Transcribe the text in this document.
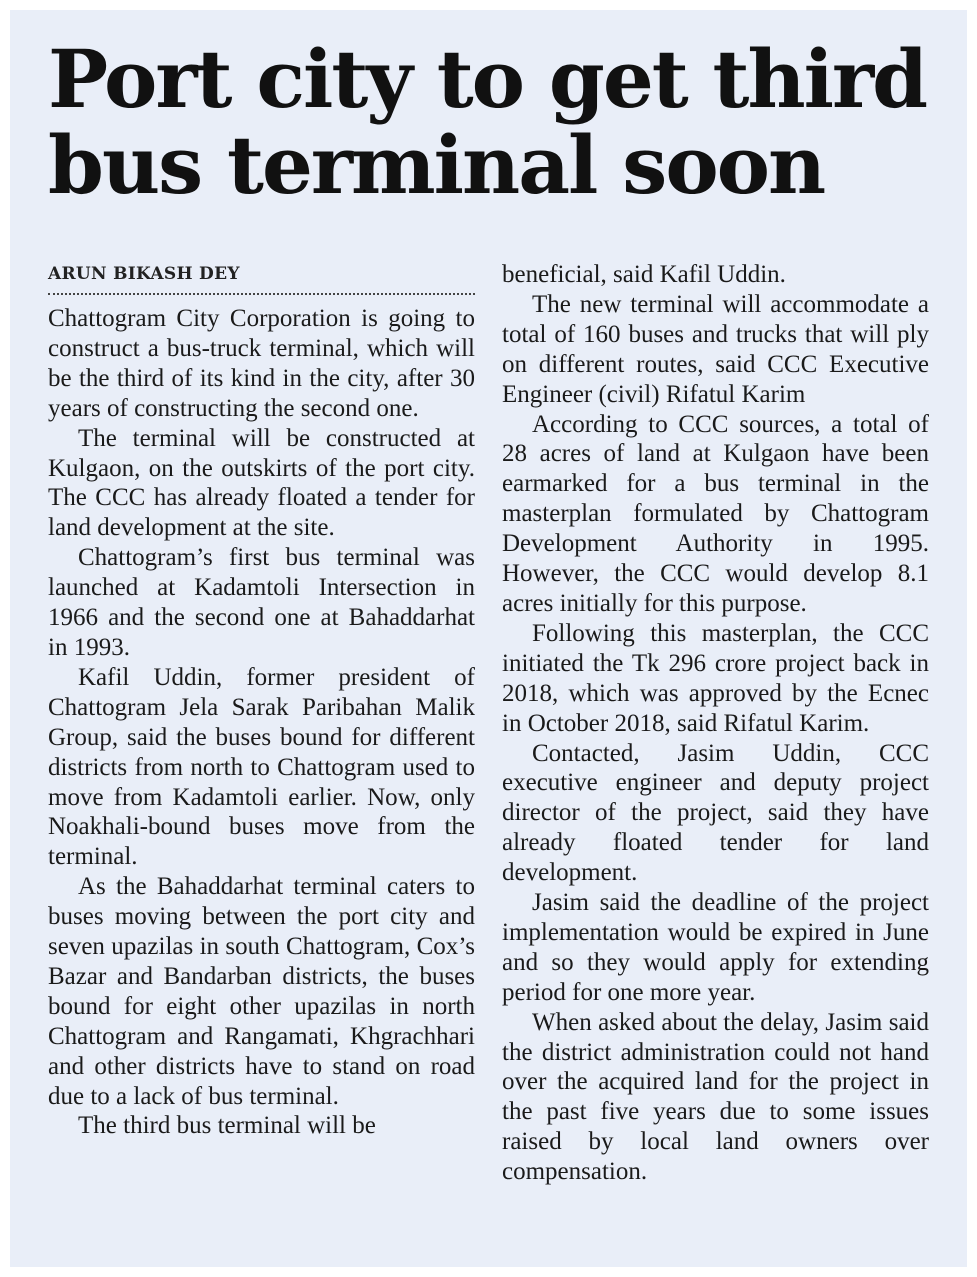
Port city to get third bus terminal soon
ARUN BIKASH DEY

Chattogram City Corporation is going to construct a bus-truck terminal, which will be the third of its kind in the city, after 30 years of constructing the second one.

The terminal will be constructed at Kulgaon, on the outskirts of the port city. The CCC has already floated a tender for land development at the site.

Chattogram’s first bus terminal was launched at Kadamtoli Intersection in 1966 and the second one at Bahaddarhat in 1993.

Kafil Uddin, former president of Chattogram Jela Sarak Paribahan Malik Group, said the buses bound for different districts from north to Chattogram used to move from Kadamtoli earlier. Now, only Noakhali-bound buses move from the terminal.

As the Bahaddarhat terminal caters to buses moving between the port city and seven upazilas in south Chattogram, Cox’s Bazar and Bandarban districts, the buses bound for eight other upazilas in north Chattogram and Rangamati, Khgrachhari and other districts have to stand on road due to a lack of bus terminal.

The third bus terminal will be

beneficial, said Kafil Uddin.

The new terminal will accommodate a total of 160 buses and trucks that will ply on different routes, said CCC Executive Engineer (civil) Rifatul Karim

According to CCC sources, a total of 28 acres of land at Kulgaon have been earmarked for a bus terminal in the masterplan formulated by Chattogram Development Authority in 1995. However, the CCC would develop 8.1 acres initially for this purpose.

Following this masterplan, the CCC initiated the Tk 296 crore project back in 2018, which was approved by the Ecnec in October 2018, said Rifatul Karim.

Contacted, Jasim Uddin, CCC executive engineer and deputy project director of the project, said they have already floated tender for land development.

Jasim said the deadline of the project implementation would be expired in June and so they would apply for extending period for one more year.

When asked about the delay, Jasim said the district administration could not hand over the acquired land for the project in the past five years due to some issues raised by local land owners over compensation.
